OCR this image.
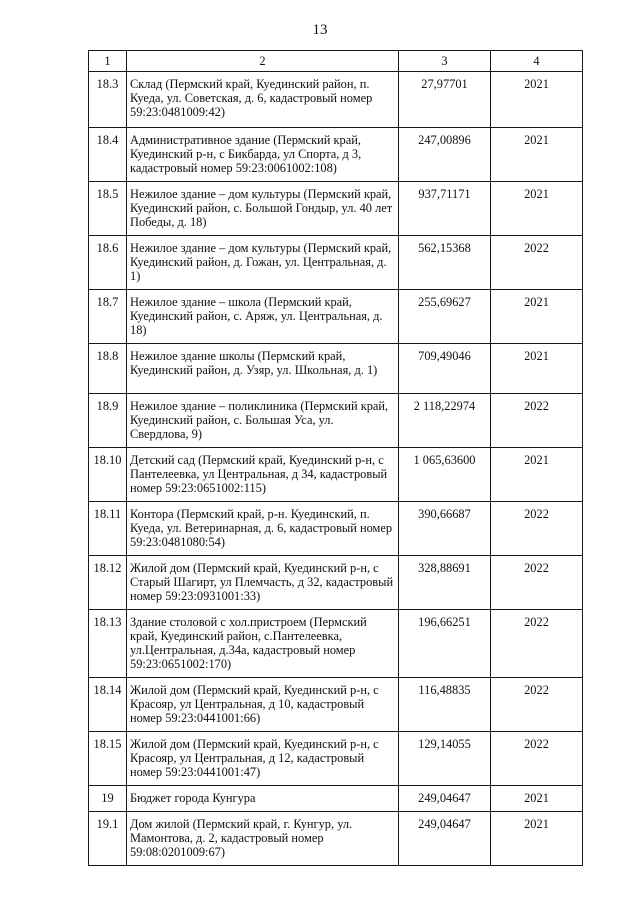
13
1	2	3	4
18.3	Склад (Пермский край, Куединский район, п. Куеда, ул. Советская, д. 6, кадастровый номер 59:23:0481009:42)	27,97701	2021
18.4	Административное здание (Пермский край, Куединский р-н, с Бикбарда, ул Спорта, д 3, кадастровый номер 59:23:0061002:108)	247,00896	2021
18.5	Нежилое здание – дом культуры (Пермский край, Куединский район, с. Большой Гондыр, ул. 40 лет Победы, д. 18)	937,71171	2021
18.6	Нежилое здание – дом культуры (Пермский край, Куединский район, д. Гожан, ул. Центральная, д. 1)	562,15368	2022
18.7	Нежилое здание – школа (Пермский край, Куединский район, с. Аряж, ул. Центральная, д. 18)	255,69627	2021
18.8	Нежилое здание школы (Пермский край, Куединский район, д. Узяр, ул. Школьная, д. 1)	709,49046	2021
18.9	Нежилое здание – поликлиника (Пермский край, Куединский район, с. Большая Уса, ул. Свердлова, 9)	2 118,22974	2022
18.10	Детский сад (Пермский край, Куединский р-н, с Пантелеевка, ул Центральная, д 34, кадастровый номер 59:23:0651002:115)	1 065,63600	2021
18.11	Контора (Пермский край, р-н. Куединский, п. Куеда, ул. Ветеринарная, д. 6, кадастровый номер 59:23:0481080:54)	390,66687	2022
18.12	Жилой дом (Пермский край, Куединский р-н, с Старый Шагирт, ул Племчасть, д 32, кадастровый номер 59:23:0931001:33)	328,88691	2022
18.13	Здание столовой с хол.пристроем (Пермский край, Куединский район, с.Пантелеевка, ул.Центральная, д.34а, кадастровый номер 59:23:0651002:170)	196,66251	2022
18.14	Жилой дом (Пермский край, Куединский р-н, с Красояр, ул Центральная, д 10, кадастровый номер 59:23:0441001:66)	116,48835	2022
18.15	Жилой дом (Пермский край, Куединский р-н, с Красояр, ул Центральная, д 12, кадастровый номер 59:23:0441001:47)	129,14055	2022
19	Бюджет города Кунгура	249,04647	2021
19.1	Дом жилой (Пермский край, г. Кунгур, ул. Мамонтова, д. 2, кадастровый номер 59:08:0201009:67)	249,04647	2021
